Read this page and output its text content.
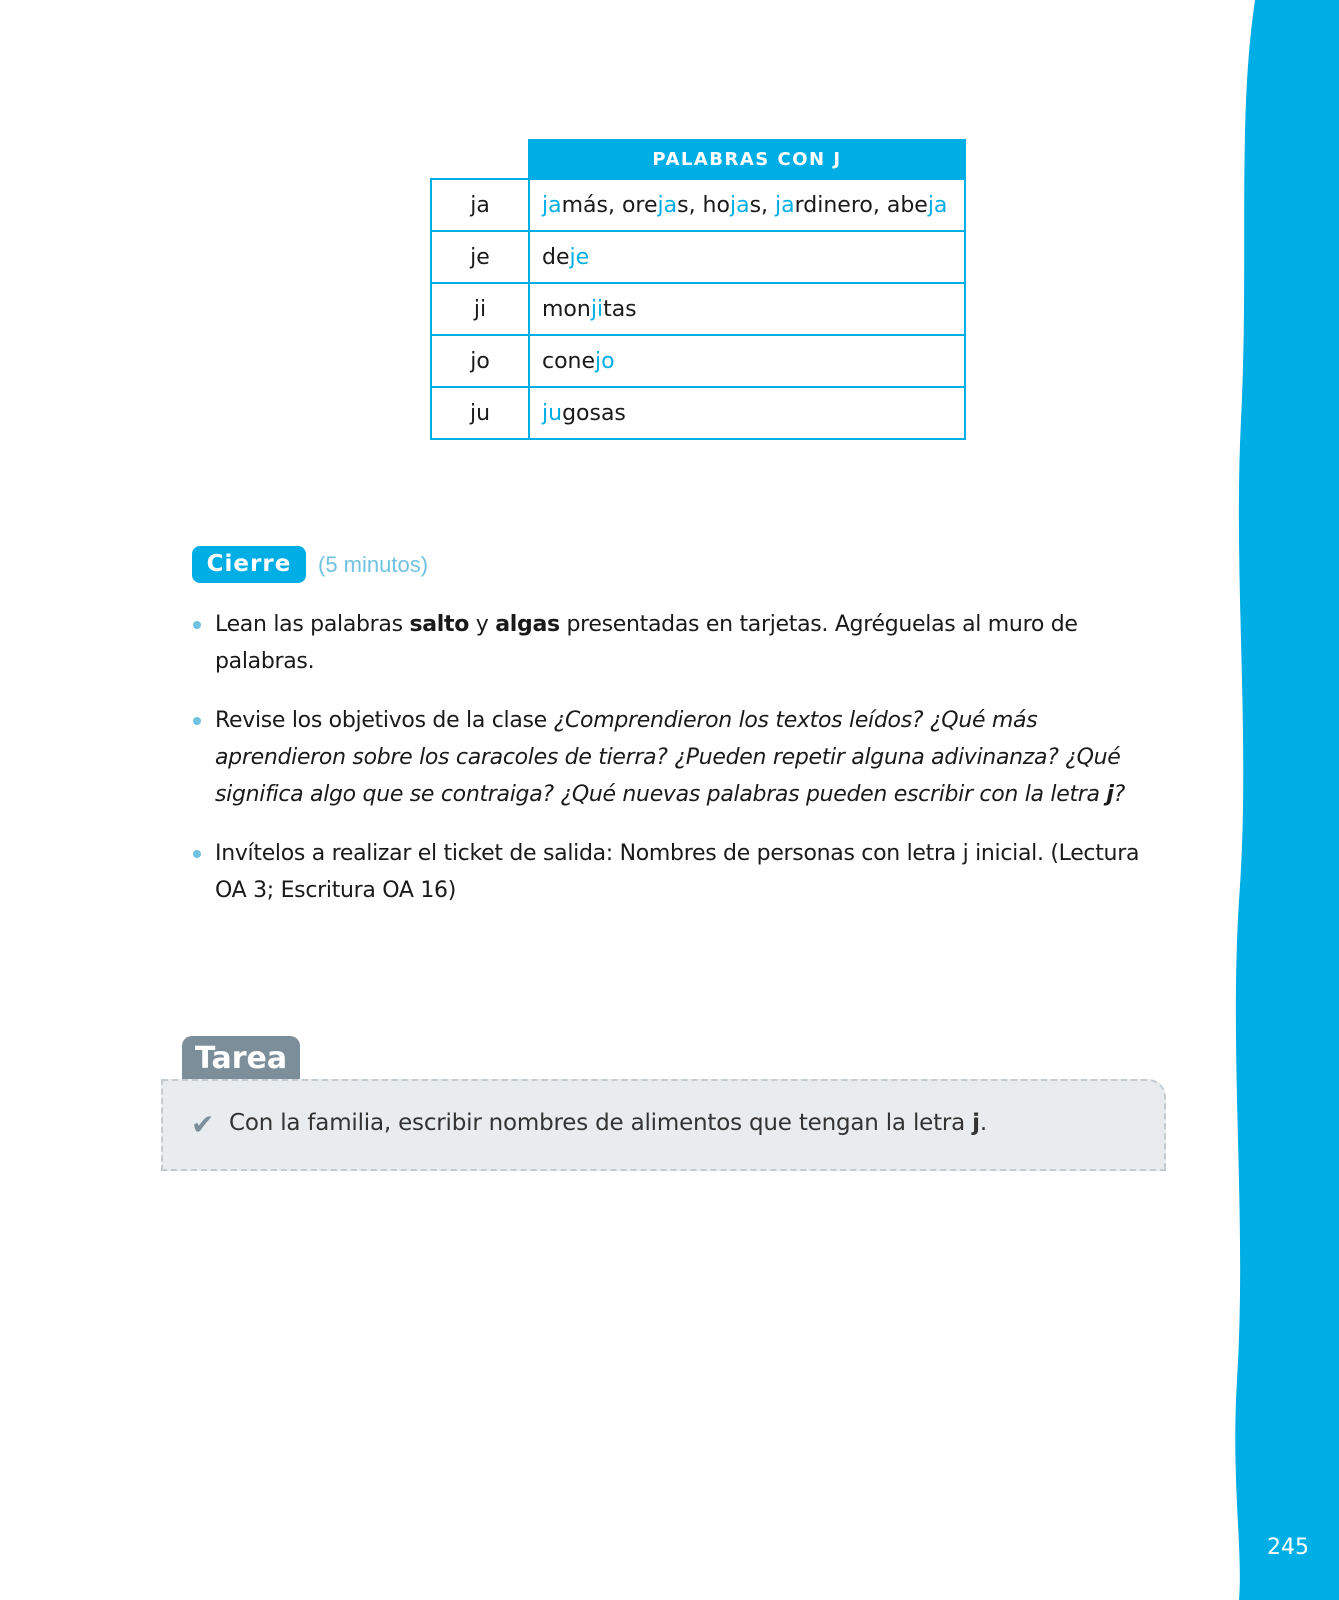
245
	PALABRAS CON J
ja	jamás, orejas, hojas, jardinero, abeja
je	deje
ji	monjitas
jo	conejo
ju	jugosas
Cierre	(5 minutos)
Lean las palabras salto y algas presentadas en tarjetas. Agréguelas al muro de palabras.
Revise los objetivos de la clase ¿Comprendieron los textos leídos? ¿Qué más aprendieron sobre los caracoles de tierra? ¿Pueden repetir alguna adivinanza? ¿Qué significa algo que se contraiga? ¿Qué nuevas palabras pueden escribir con la letra j?
Invítelos a realizar el ticket de salida: Nombres de personas con letra j inicial. (Lectura OA 3; Escritura OA 16)
Tarea
✔ Con la familia, escribir nombres de alimentos que tengan la letra j.
